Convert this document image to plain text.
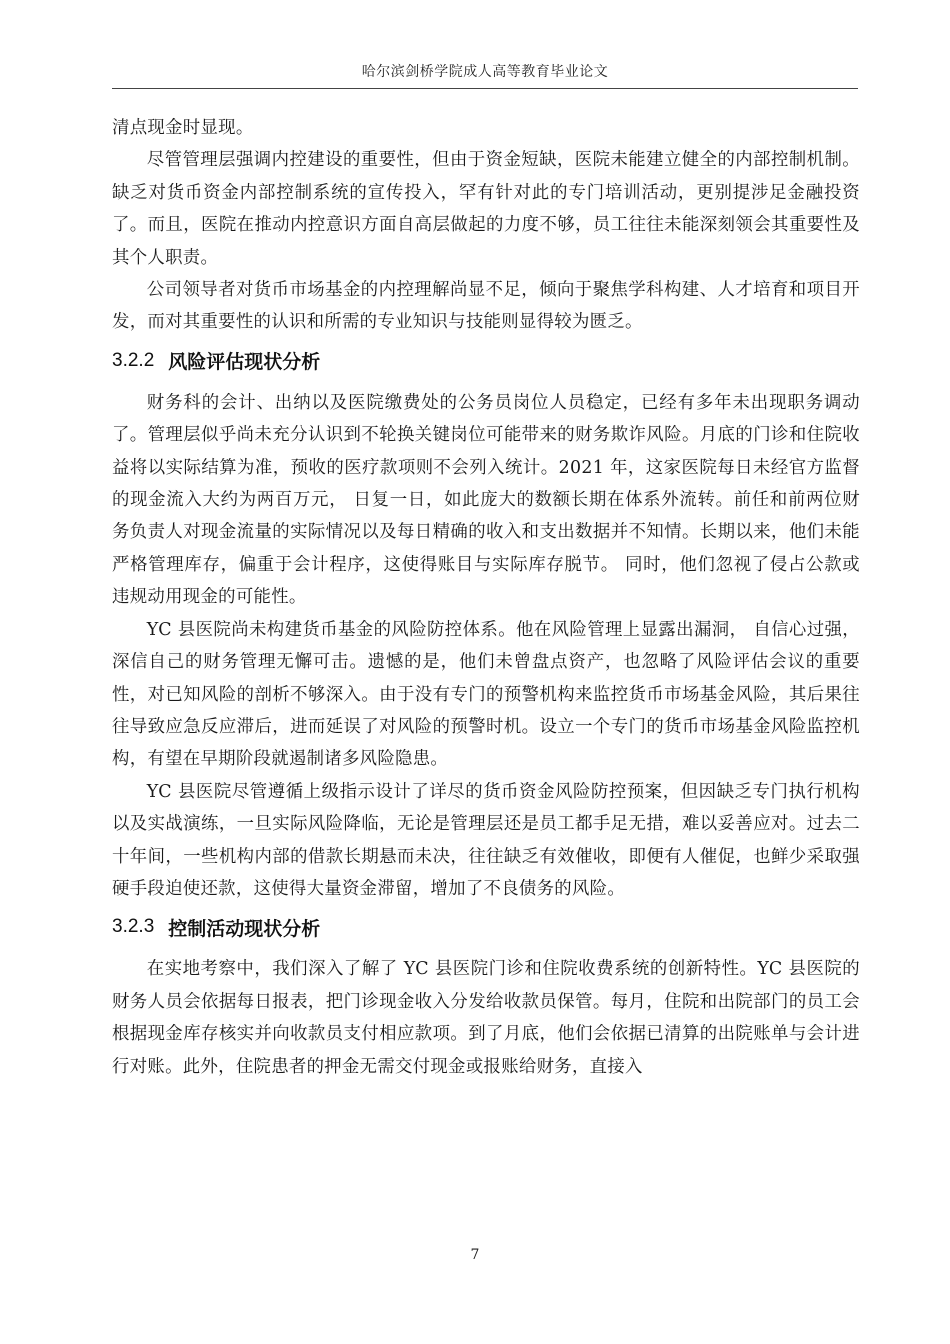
哈尔滨剑桥学院成人高等教育毕业论文

清点现金时显现。

尽管管理层强调内控建设的重要性，但由于资金短缺，医院未能建立健全的内部控制机制。缺乏对货币资金内部控制系统的宣传投入，罕有针对此的专门培训活动，更别提涉足金融投资了。而且，医院在推动内控意识方面自高层做起的力度不够，员工往往未能深刻领会其重要性及其个人职责。

公司领导者对货币市场基金的内控理解尚显不足，倾向于聚焦学科构建、人才培育和项目开发，而对其重要性的认识和所需的专业知识与技能则显得较为匮乏。

3.2.2 风险评估现状分析

财务科的会计、出纳以及医院缴费处的公务员岗位人员稳定，已经有多年未出现职务调动了。管理层似乎尚未充分认识到不轮换关键岗位可能带来的财务欺诈风险。月底的门诊和住院收益将以实际结算为准，预收的医疗款项则不会列入统计。2021 年，这家医院每日未经官方监督的现金流入大约为两百万元， 日复一日，如此庞大的数额长期在体系外流转。前任和前两位财务负责人对现金流量的实际情况以及每日精确的收入和支出数据并不知情。长期以来，他们未能严格管理库存，偏重于会计程序，这使得账目与实际库存脱节。 同时，他们忽视了侵占公款或违规动用现金的可能性。

YC 县医院尚未构建货币基金的风险防控体系。他在风险管理上显露出漏洞， 自信心过强，深信自己的财务管理无懈可击。遗憾的是，他们未曾盘点资产，也忽略了风险评估会议的重要性，对已知风险的剖析不够深入。由于没有专门的预警机构来监控货币市场基金风险，其后果往往导致应急反应滞后，进而延误了对风险的预警时机。设立一个专门的货币市场基金风险监控机构，有望在早期阶段就遏制诸多风险隐患。

YC 县医院尽管遵循上级指示设计了详尽的货币资金风险防控预案，但因缺乏专门执行机构以及实战演练，一旦实际风险降临，无论是管理层还是员工都手足无措，难以妥善应对。过去二十年间，一些机构内部的借款长期悬而未决，往往缺乏有效催收，即便有人催促，也鲜少采取强硬手段迫使还款，这使得大量资金滞留，增加了不良债务的风险。

3.2.3 控制活动现状分析

在实地考察中，我们深入了解了 YC 县医院门诊和住院收费系统的创新特性。YC 县医院的财务人员会依据每日报表，把门诊现金收入分发给收款员保管。每月，住院和出院部门的员工会根据现金库存核实并向收款员支付相应款项。到了月底，他们会依据已清算的出院账单与会计进行对账。此外，住院患者的押金无需交付现金或报账给财务，直接入

7
